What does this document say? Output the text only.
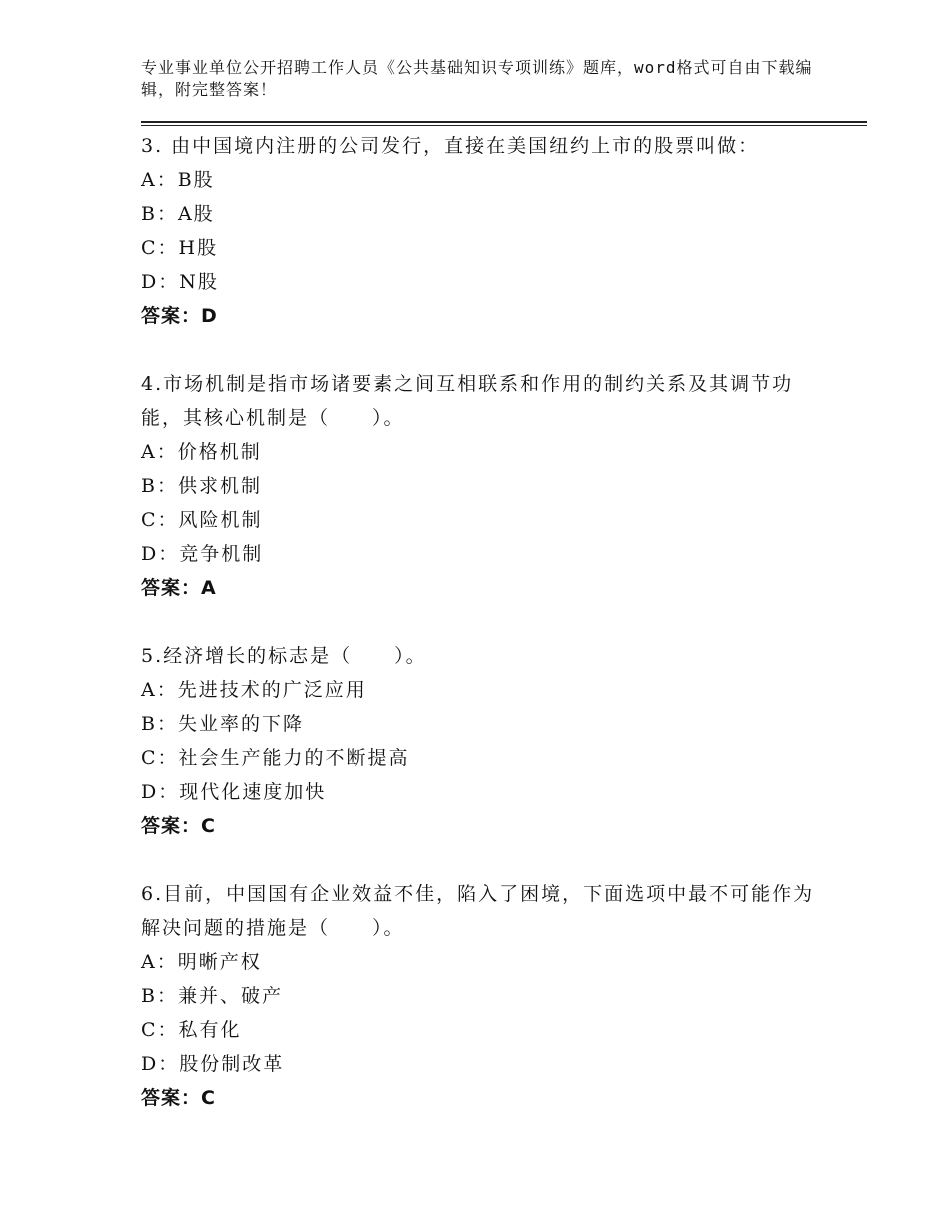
专业事业单位公开招聘工作人员《公共基础知识专项训练》题库，word格式可自由下载编辑，附完整答案！
3. 由中国境内注册的公司发行，直接在美国纽约上市的股票叫做：
A：B股
B：A股
C：H股
D：N股
答案：D
4.市场机制是指市场诸要素之间互相联系和作用的制约关系及其调节功能，其核心机制是（　　）。
A：价格机制
B：供求机制
C：风险机制
D：竞争机制
答案：A
5.经济增长的标志是（　　）。
A：先进技术的广泛应用
B：失业率的下降
C：社会生产能力的不断提高
D：现代化速度加快
答案：C
6.目前，中国国有企业效益不佳，陷入了困境，下面选项中最不可能作为解决问题的措施是（　　）。
A：明晰产权
B：兼并、破产
C：私有化
D：股份制改革
答案：C
